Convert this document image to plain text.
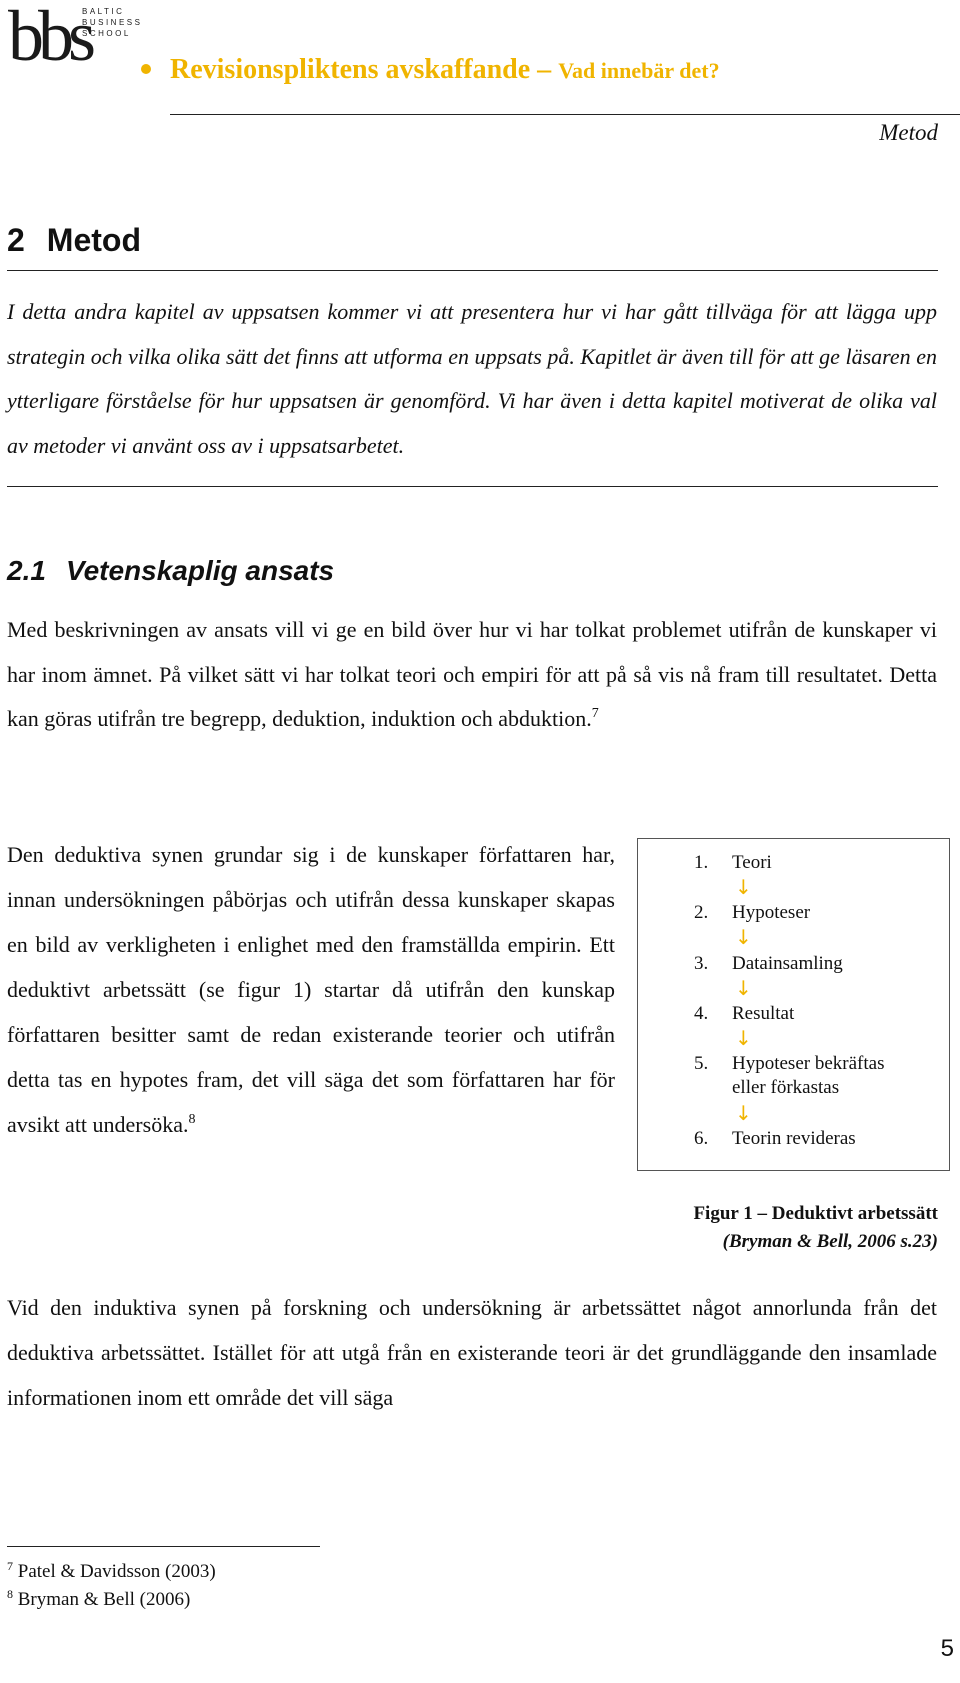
bbs
BALTIC
BUSINESS
SCHOOL
Revisionspliktens avskaffande – Vad innebär det?
Metod
2 Metod

I detta andra kapitel av uppsatsen kommer vi att presentera hur vi har gått tillväga för att lägga upp strategin och vilka olika sätt det finns att utforma en uppsats på. Kapitlet är även till för att ge läsaren en ytterligare förståelse för hur uppsatsen är genomförd. Vi har även i detta kapitel motiverat de olika val av metoder vi använt oss av i uppsatsarbetet.

2.1 Vetenskaplig ansats

Med beskrivningen av ansats vill vi ge en bild över hur vi har tolkat problemet utifrån de kunskaper vi har inom ämnet. På vilket sätt vi har tolkat teori och empiri för att på så vis nå fram till resultatet. Detta kan göras utifrån tre begrepp, deduktion, induktion och abduktion.$^7$

Den deduktiva synen grundar sig i de kunskaper författaren har, innan undersökningen påbörjas och utifrån dessa kunskaper skapas en bild av verkligheten i enlighet med den framställda empirin. Ett deduktivt arbetssätt (se figur 1) startar då utifrån den kunskap författaren besitter samt de redan existerande teorier och utifrån detta tas en hypotes fram, det vill säga det som författaren har för avsikt att undersöka.$^8$

1.	Teori
↓
2.	Hypoteser
↓
3.	Datainsamling
↓
4.	Resultat
↓
5.	Hypoteser bekräftas eller förkastas
↓
6.	Teorin revideras
Figur 1 – Deduktivt arbetssätt
(Bryman & Bell, 2006 s.23)

Vid den induktiva synen på forskning och undersökning är arbetssättet något annorlunda från det deduktiva arbetssättet. Istället för att utgå från en existerande teori är det grundläggande den insamlade informationen inom ett område det vill säga

$^7$ Patel & Davidsson (2003)
$^8$ Bryman & Bell (2006)
5
